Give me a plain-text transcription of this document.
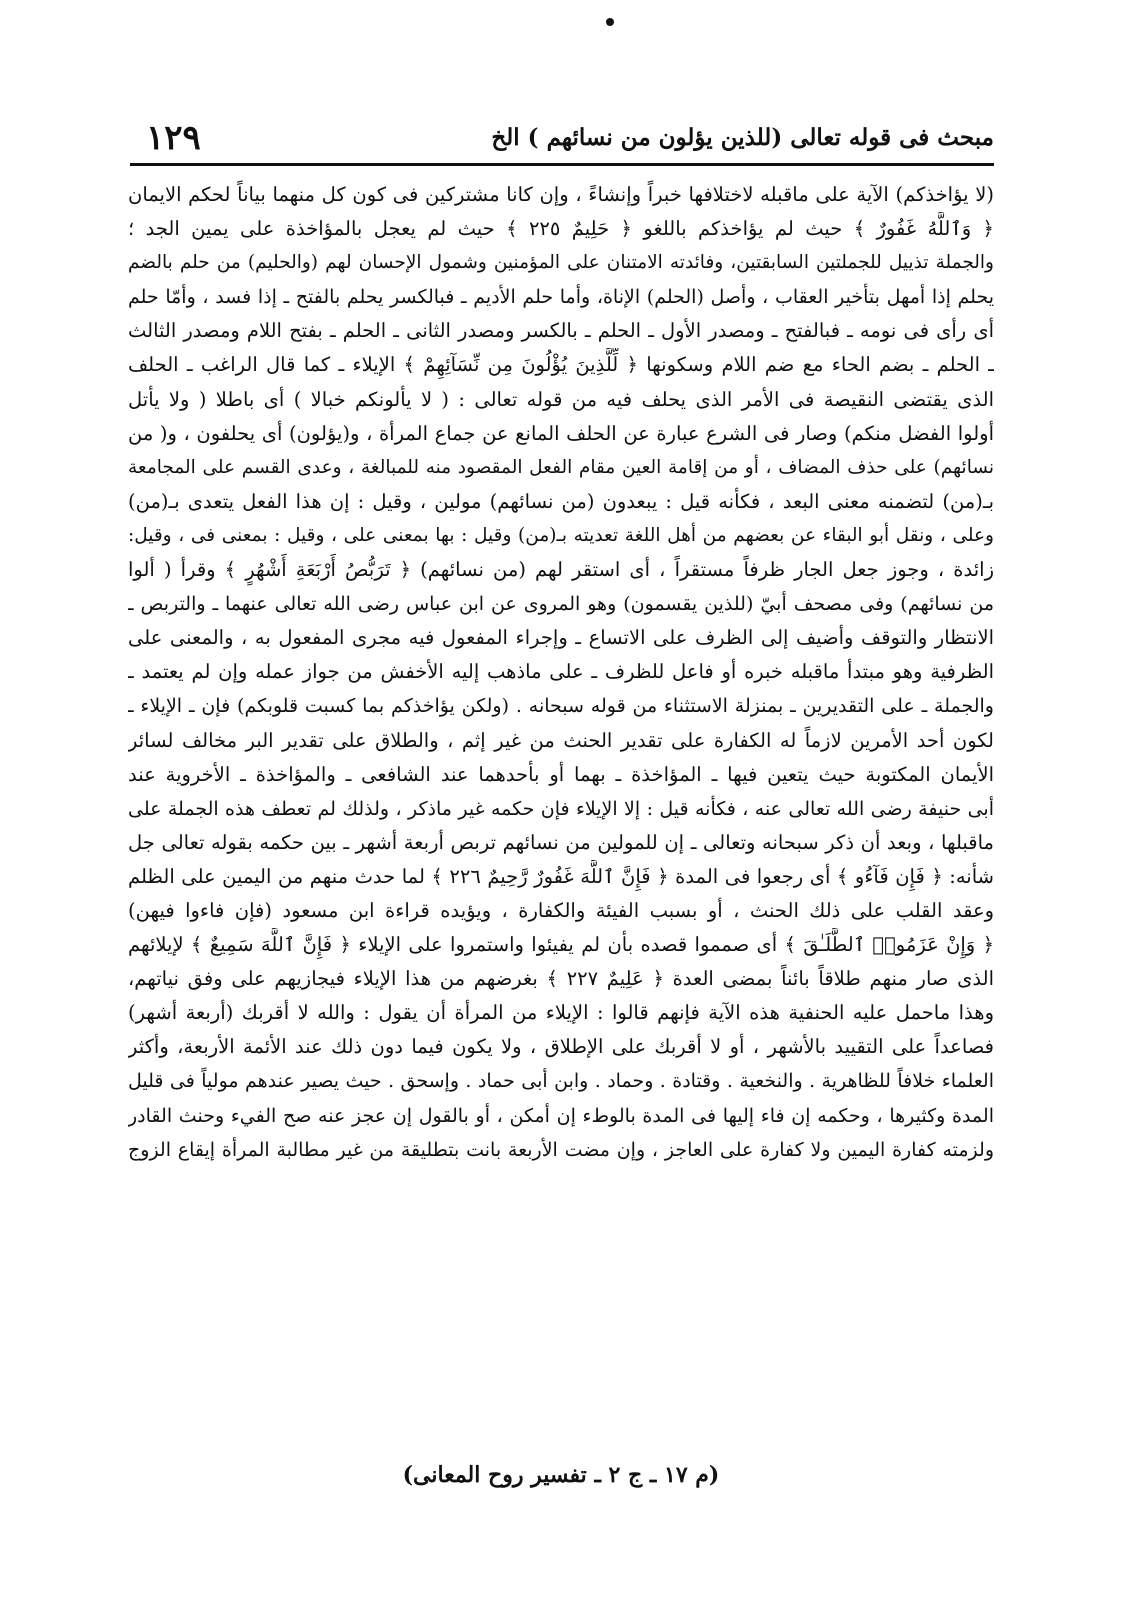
مبحث فى قوله تعالى (للذين يؤلون من نسائهم ) الخ
١٢٩
(لا يؤاخذكم) الآية على ماقبله لاختلافها خبراً وإنشاءً ، وإن كانا مشتركين فى كون كل منهما بياناً لحكم الايمان
﴿ وَٱللَّهُ غَفُورٌ ﴾ حيث لم يؤاخذكم باللغو ﴿ حَلِيمٌ ٢٢٥ ﴾ حيث لم يعجل بالمؤاخذة على يمين الجد ؛
والجملة تذييل للجملتين السابقتين، وفائدته الامتنان على المؤمنين وشمول الإحسان لهم (والحليم) من حلم بالضم
يحلم إذا أمهل بتأخير العقاب ، وأصل (الحلم) الإناة، وأما حلم الأديم ـ فبالكسر يحلم بالفتح ـ إذا فسد ، وأمّا حلم
أى رأى فى نومه ـ فبالفتح ـ ومصدر الأول ـ الحلم ـ بالكسر ومصدر الثانى ـ الحلم ـ بفتح اللام ومصدر الثالث
ـ الحلم ـ بضم الحاء مع ضم اللام وسكونها ﴿ لِّلَّذِينَ يُؤْلُونَ مِن نِّسَآئِهِمْ ﴾ الإيلاء ـ كما قال الراغب ـ الحلف
الذى يقتضى النقيصة فى الأمر الذى يحلف فيه من قوله تعالى : ( لا يألونكم خبالا ) أى باطلا ( ولا يأتل
أولوا الفضل منكم) وصار فى الشرع عبارة عن الحلف المانع عن جماع المرأة ، و(يؤلون) أى يحلفون ، و( من
نسائهم) على حذف المضاف ، أو من إقامة العين مقام الفعل المقصود منه للمبالغة ، وعدى القسم على المجامعة
بـ(من) لتضمنه معنى البعد ، فكأنه قيل : يبعدون (من نسائهم) مولين ، وقيل : إن هذا الفعل يتعدى بـ(من)
وعلى ، ونقل أبو البقاء عن بعضهم من أهل اللغة تعديته بـ(من) وقيل : بها بمعنى على ، وقيل : بمعنى فى ، وقيل:
زائدة ، وجوز جعل الجار ظرفاً مستقراً ، أى استقر لهم (من نسائهم) ﴿ تَرَبُّصُ أَرْبَعَةِ أَشْهُرٍ ﴾ وقرأ ( ألوا
من نسائهم) وفى مصحف أبيّ (للذين يقسمون) وهو المروى عن ابن عباس رضى الله تعالى عنهما ـ والتربص ـ
الانتظار والتوقف وأضيف إلى الظرف على الاتساع ـ وإجراء المفعول فيه مجرى المفعول به ، والمعنى على
الظرفية وهو مبتدأ ماقبله خبره أو فاعل للظرف ـ على ماذهب إليه الأخفش من جواز عمله وإن لم يعتمد ـ
والجملة ـ على التقديرين ـ بمنزلة الاستثناء من قوله سبحانه . (ولكن يؤاخذكم بما كسبت قلوبكم) فإن ـ الإيلاء ـ
لكون أحد الأمرين لازماً له الكفارة على تقدير الحنث من غير إثم ، والطلاق على تقدير البر مخالف لسائر
الأيمان المكتوبة حيث يتعين فيها ـ المؤاخذة ـ بهما أو بأحدهما عند الشافعى ـ والمؤاخذة ـ الأخروية عند
أبى حنيفة رضى الله تعالى عنه ، فكأنه قيل : إلا الإيلاء فإن حكمه غير ماذكر ، ولذلك لم تعطف هذه الجملة على
ماقبلها ، وبعد أن ذكر سبحانه وتعالى ـ إن للمولين من نسائهم تربص أربعة أشهر ـ بين حكمه بقوله تعالى جل
شأنه: ﴿ فَإِن فَآءُو ﴾ أى رجعوا فى المدة ﴿ فَإِنَّ ٱللَّهَ غَفُورٌ رَّحِيمٌ ٢٢٦ ﴾ لما حدث منهم من اليمين على الظلم
وعقد القلب على ذلك الحنث ، أو بسبب الفيئة والكفارة ، ويؤيده قراءة ابن مسعود (فإن فاءوا فيهن)
﴿ وَإِنْ عَزَمُوا۟ ٱلطَّلَـٰقَ ﴾ أى صمموا قصده بأن لم يفيئوا واستمروا على الإيلاء ﴿ فَإِنَّ ٱللَّهَ سَمِيعٌ ﴾ لإيلائهم
الذى صار منهم طلاقاً بائناً بمضى العدة ﴿ عَلِيمٌ ٢٢٧ ﴾ بغرضهم من هذا الإيلاء فيجازيهم على وفق نياتهم،
وهذا ماحمل عليه الحنفية هذه الآية فإنهم قالوا : الإيلاء من المرأة أن يقول : والله لا أقربك (أربعة أشهر)
فصاعداً على التقييد بالأشهر ، أو لا أقربك على الإطلاق ، ولا يكون فيما دون ذلك عند الأئمة الأربعة، وأكثر
العلماء خلافاً للظاهرية . والنخعية . وقتادة . وحماد . وابن أبى حماد . وإسحق . حيث يصير عندهم مولياً فى قليل
المدة وكثيرها ، وحكمه إن فاء إليها فى المدة بالوطء إن أمكن ، أو بالقول إن عجز عنه صح الفيء وحنث القادر
ولزمته كفارة اليمين ولا كفارة على العاجز ، وإن مضت الأربعة بانت بتطليقة من غير مطالبة المرأة إيقاع الزوج
(م ١٧ ـ ج ٢ ـ تفسير روح المعانى)
